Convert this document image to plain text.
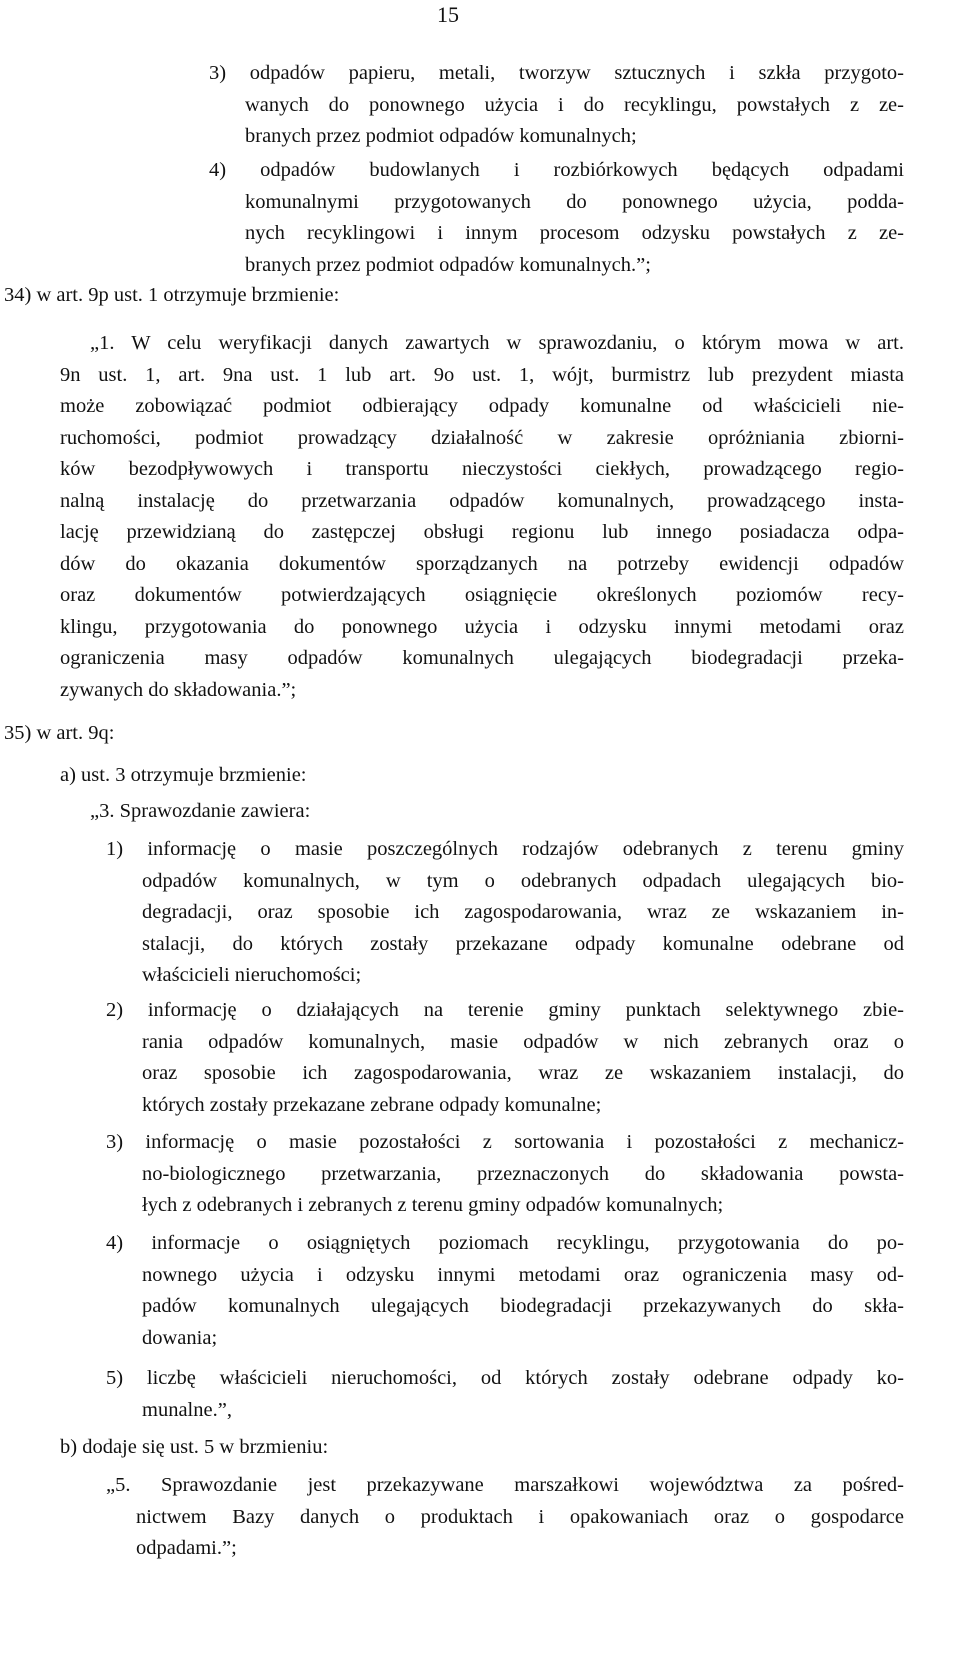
15
3) odpadów papieru, metali, tworzyw sztucznych i szkła przygoto-
wanych do ponownego użycia i do recyklingu, powstałych z ze-
branych przez podmiot odpadów komunalnych;
4) odpadów budowlanych i rozbiórkowych będących odpadami
komunalnymi przygotowanych do ponownego użycia, podda-
nych recyklingowi i innym procesom odzysku powstałych z ze-
branych przez podmiot odpadów komunalnych.”;
34) w art. 9p ust. 1 otrzymuje brzmienie:
„1. W celu weryfikacji danych zawartych w sprawozdaniu, o którym mowa w art.
9n ust. 1, art. 9na ust. 1 lub art. 9o ust. 1, wójt, burmistrz lub prezydent miasta
może zobowiązać podmiot odbierający odpady komunalne od właścicieli nie-
ruchomości, podmiot prowadzący działalność w zakresie opróżniania zbiorni-
ków bezodpływowych i transportu nieczystości ciekłych, prowadzącego regio-
nalną instalację do przetwarzania odpadów komunalnych, prowadzącego insta-
lację przewidzianą do zastępczej obsługi regionu lub innego posiadacza odpa-
dów do okazania dokumentów sporządzanych na potrzeby ewidencji odpadów
oraz dokumentów potwierdzających osiągnięcie określonych poziomów recy-
klingu, przygotowania do ponownego użycia i odzysku innymi metodami oraz
ograniczenia masy odpadów komunalnych ulegających biodegradacji przeka-
zywanych do składowania.”;
35) w art. 9q:
a) ust. 3 otrzymuje brzmienie:
„3. Sprawozdanie zawiera:
1) informację o masie poszczególnych rodzajów odebranych z terenu gminy
odpadów komunalnych, w tym o odebranych odpadach ulegających bio-
degradacji, oraz sposobie ich zagospodarowania, wraz ze wskazaniem in-
stalacji, do których zostały przekazane odpady komunalne odebrane od
właścicieli nieruchomości;
2) informację o działających na terenie gminy punktach selektywnego zbie-
rania odpadów komunalnych, masie odpadów w nich zebranych oraz o
oraz sposobie ich zagospodarowania, wraz ze wskazaniem instalacji, do
których zostały przekazane zebrane odpady komunalne;
3) informację o masie pozostałości z sortowania i pozostałości z mechanicz-
no-biologicznego przetwarzania, przeznaczonych do składowania powsta-
łych z odebranych i zebranych z terenu gminy odpadów komunalnych;
4) informacje o osiągniętych poziomach recyklingu, przygotowania do po-
nownego użycia i odzysku innymi metodami oraz ograniczenia masy od-
padów komunalnych ulegających biodegradacji przekazywanych do skła-
dowania;
5) liczbę właścicieli nieruchomości, od których zostały odebrane odpady ko-
munalne.”,
b) dodaje się ust. 5 w brzmieniu:
„5. Sprawozdanie jest przekazywane marszałkowi województwa za pośred-
nictwem Bazy danych o produktach i opakowaniach oraz o gospodarce
odpadami.”;
